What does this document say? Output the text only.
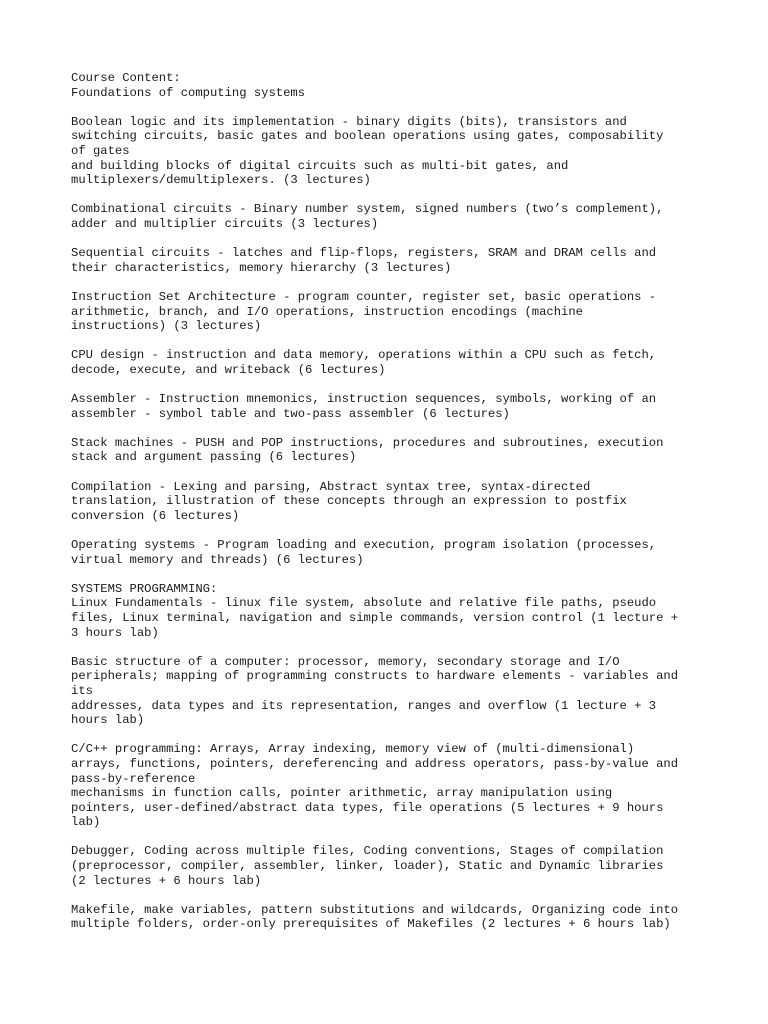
Course Content:
Foundations of computing systems
Boolean logic and its implementation - binary digits (bits), transistors and
switching circuits, basic gates and boolean operations using gates, composability
of gates
and building blocks of digital circuits such as multi-bit gates, and
multiplexers/demultiplexers. (3 lectures)
Combinational circuits - Binary number system, signed numbers (two’s complement),
adder and multiplier circuits (3 lectures)
Sequential circuits - latches and flip-flops, registers, SRAM and DRAM cells and
their characteristics, memory hierarchy (3 lectures)
Instruction Set Architecture - program counter, register set, basic operations -
arithmetic, branch, and I/O operations, instruction encodings (machine
instructions) (3 lectures)
CPU design - instruction and data memory, operations within a CPU such as fetch,
decode, execute, and writeback (6 lectures)
Assembler - Instruction mnemonics, instruction sequences, symbols, working of an
assembler - symbol table and two-pass assembler (6 lectures)
Stack machines - PUSH and POP instructions, procedures and subroutines, execution
stack and argument passing (6 lectures)
Compilation - Lexing and parsing, Abstract syntax tree, syntax-directed
translation, illustration of these concepts through an expression to postfix
conversion (6 lectures)
Operating systems - Program loading and execution, program isolation (processes,
virtual memory and threads) (6 lectures)
SYSTEMS PROGRAMMING:
Linux Fundamentals - linux file system, absolute and relative file paths, pseudo
files, Linux terminal, navigation and simple commands, version control (1 lecture +
3 hours lab)
Basic structure of a computer: processor, memory, secondary storage and I/O
peripherals; mapping of programming constructs to hardware elements - variables and
its
addresses, data types and its representation, ranges and overflow (1 lecture + 3
hours lab)
C/C++ programming: Arrays, Array indexing, memory view of (multi-dimensional)
arrays, functions, pointers, dereferencing and address operators, pass-by-value and
pass-by-reference
mechanisms in function calls, pointer arithmetic, array manipulation using
pointers, user-defined/abstract data types, file operations (5 lectures + 9 hours
lab)
Debugger, Coding across multiple files, Coding conventions, Stages of compilation
(preprocessor, compiler, assembler, linker, loader), Static and Dynamic libraries
(2 lectures + 6 hours lab)
Makefile, make variables, pattern substitutions and wildcards, Organizing code into
multiple folders, order-only prerequisites of Makefiles (2 lectures + 6 hours lab)
